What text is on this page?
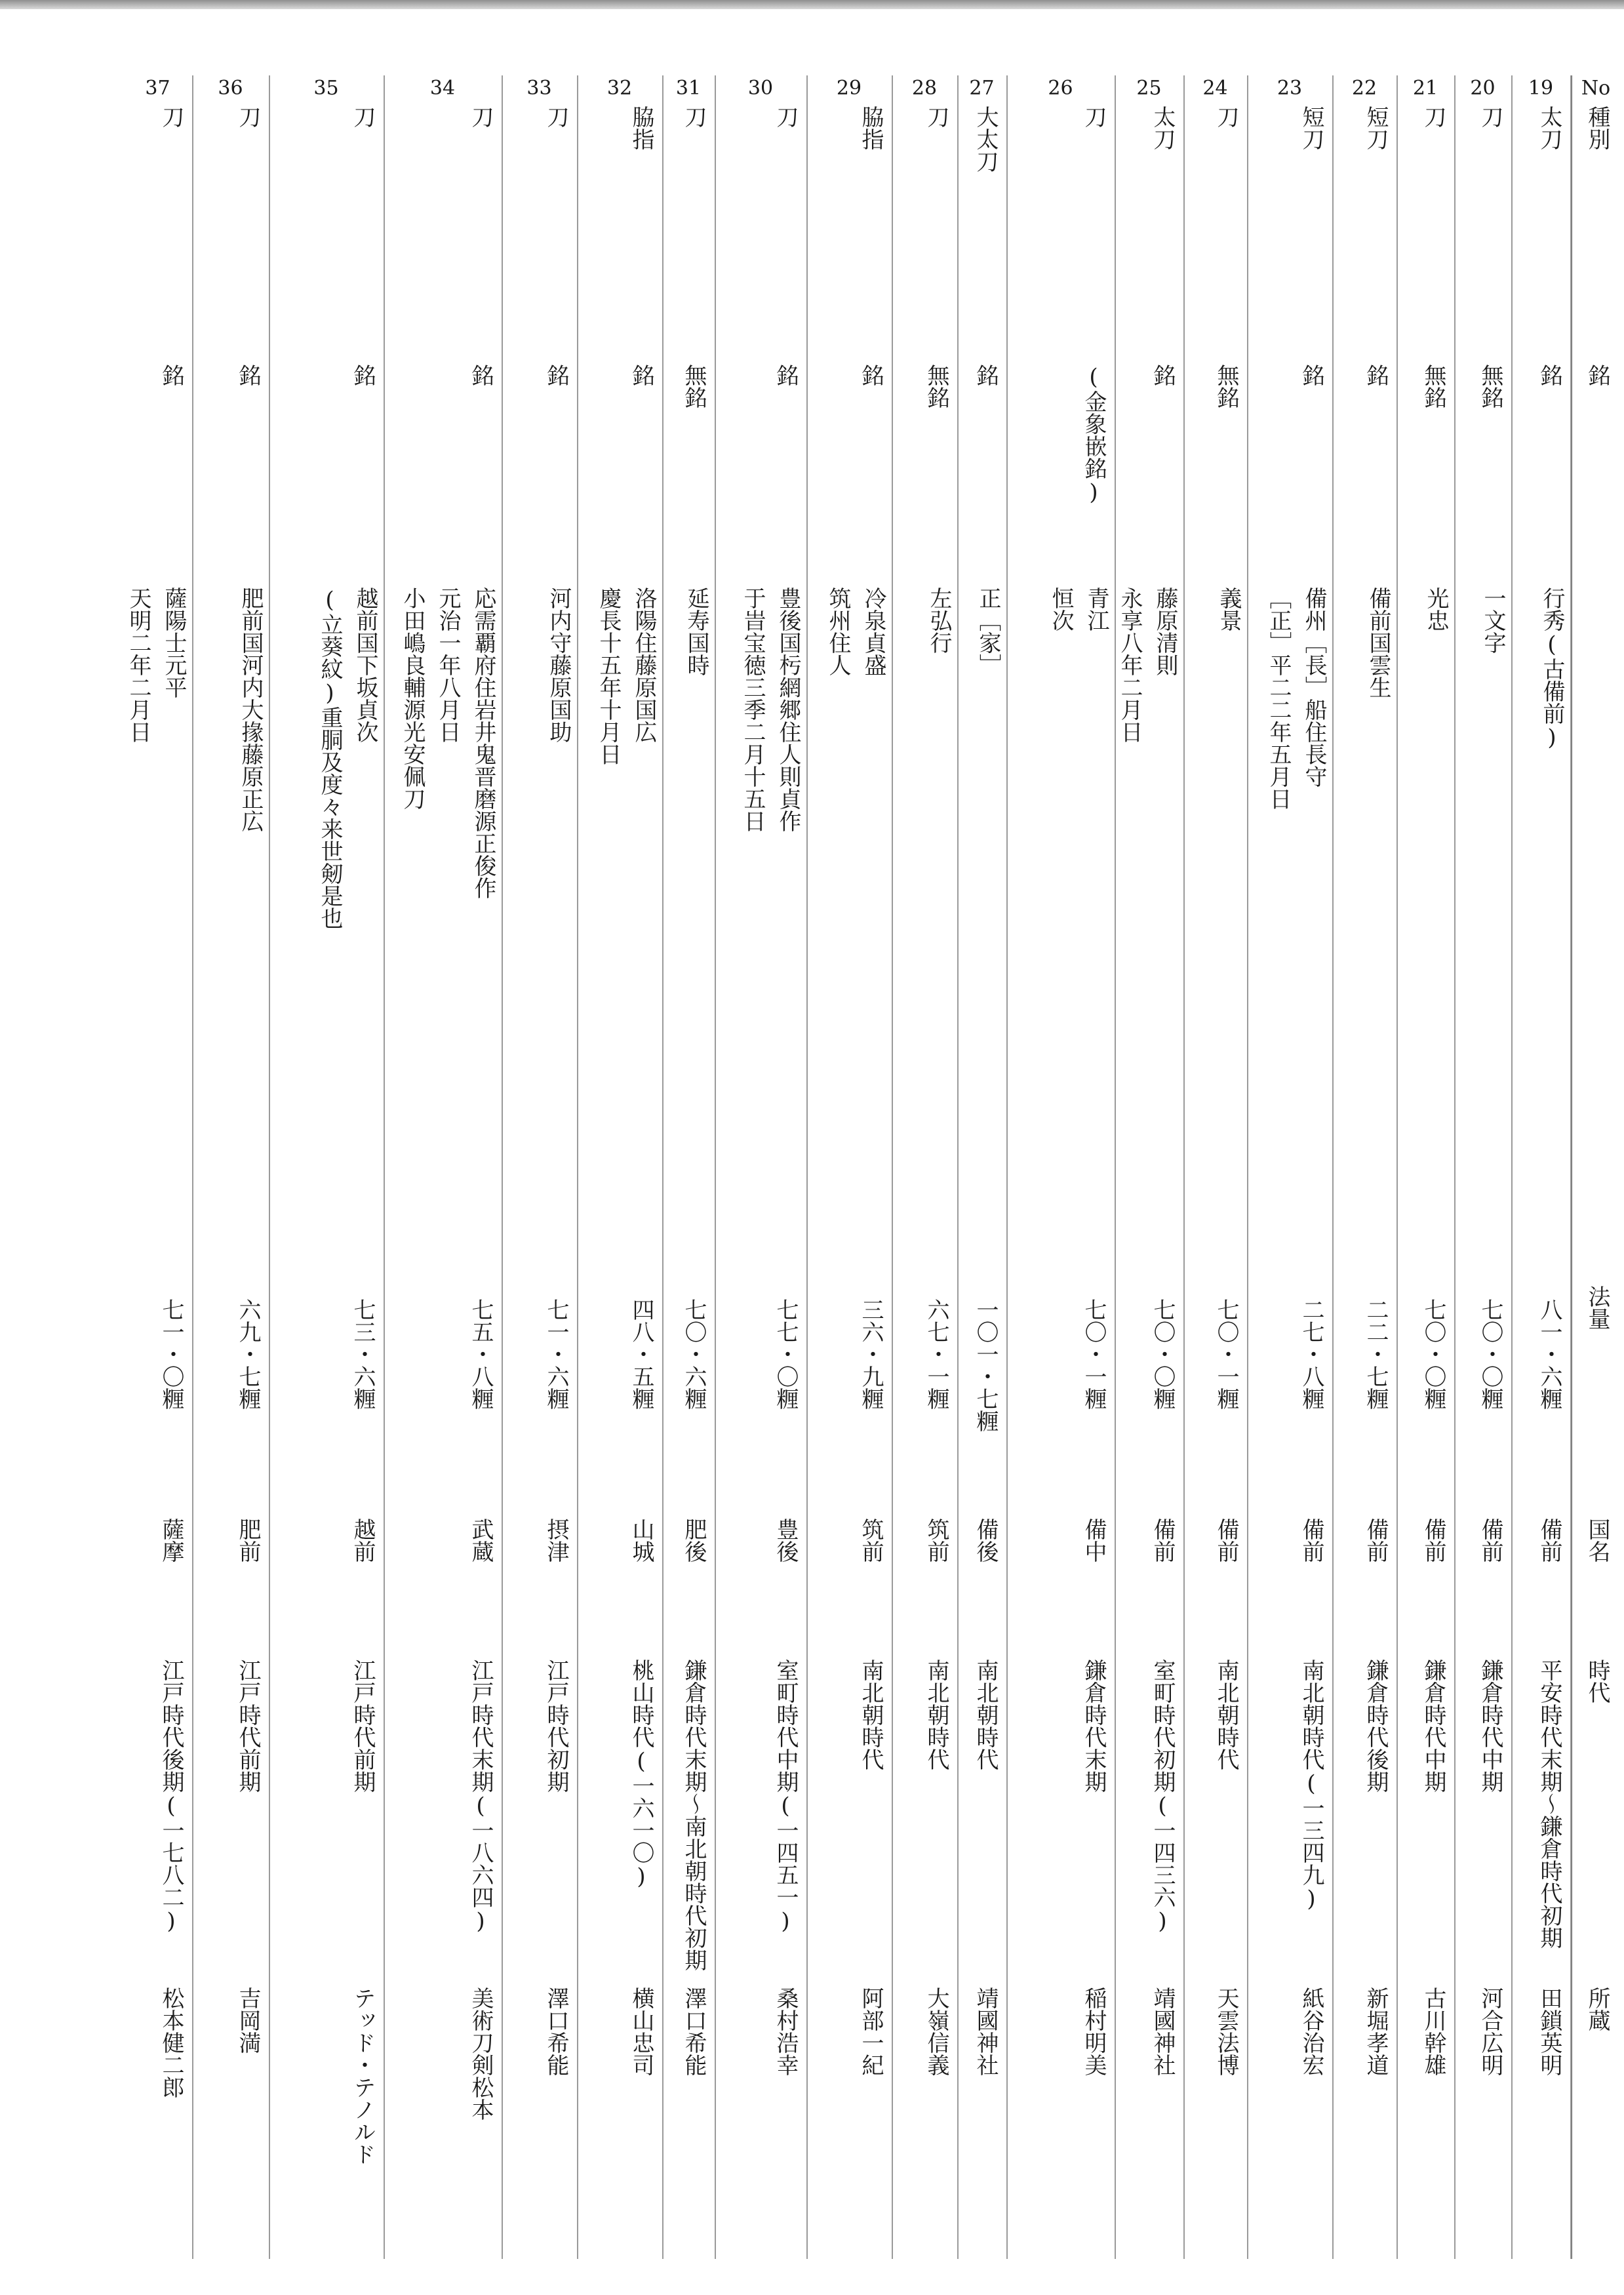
No
種別
銘
法量
国名
時代
所蔵
19
太刀
銘
行秀(古備前)
八一・六糎
備前
平安時代末期〜鎌倉時代初期
田鎖英明
20
刀
無銘
一文字
七〇・〇糎
備前
鎌倉時代中期
河合広明
21
刀
無銘
光忠
七〇・〇糎
備前
鎌倉時代中期
古川幹雄
22
短刀
銘
備前国雲生
二二・七糎
備前
鎌倉時代後期
新堀孝道
23
短刀
銘
備州［長］船住長守
［正］平二二年五月日
二七・八糎
備前
南北朝時代(一三四九)
紙谷治宏
24
刀
無銘
義景
七〇・一糎
備前
南北朝時代
天雲法博
25
太刀
銘
藤原清則
永享八年二月日
七〇・〇糎
備前
室町時代初期(一四三六)
靖國神社
26
刀
(金象嵌銘)
青江
恒次
七〇・一糎
備中
鎌倉時代末期
稲村明美
27
大太刀
銘
正［家］
一〇一・七糎
備後
南北朝時代
靖國神社
28
刀
無銘
左弘行
六七・一糎
筑前
南北朝時代
大嶺信義
29
脇指
銘
冷泉貞盛
筑州住人
三六・九糎
筑前
南北朝時代
阿部一紀
30
刀
銘
豊後国杇網郷住人則貞作
于旹宝徳三季二月十五日
七七・〇糎
豊後
室町時代中期(一四五一)
桑村浩幸
31
刀
無銘
延寿国時
七〇・六糎
肥後
鎌倉時代末期〜南北朝時代初期
澤口希能
32
脇指
銘
洛陽住藤原国広
慶長十五年十月日
四八・五糎
山城
桃山時代(一六一〇)
横山忠司
33
刀
銘
河内守藤原国助
七一・六糎
摂津
江戸時代初期
澤口希能
34
刀
銘
応需覇府住岩井鬼晋磨源正俊作
元治一年八月日
小田嶋良輔源光安佩刀
七五・八糎
武蔵
江戸時代末期(一八六四)
美術刀剣松本
35
刀
銘
越前国下坂貞次
(立葵紋)重胴及度々来世剱是也
七三・六糎
越前
江戸時代前期
テッド・テノルド
36
刀
銘
肥前国河内大掾藤原正広
六九・七糎
肥前
江戸時代前期
吉岡満
37
刀
銘
薩陽士元平
天明二年二月日
七一・〇糎
薩摩
江戸時代後期(一七八二)
松本健二郎
